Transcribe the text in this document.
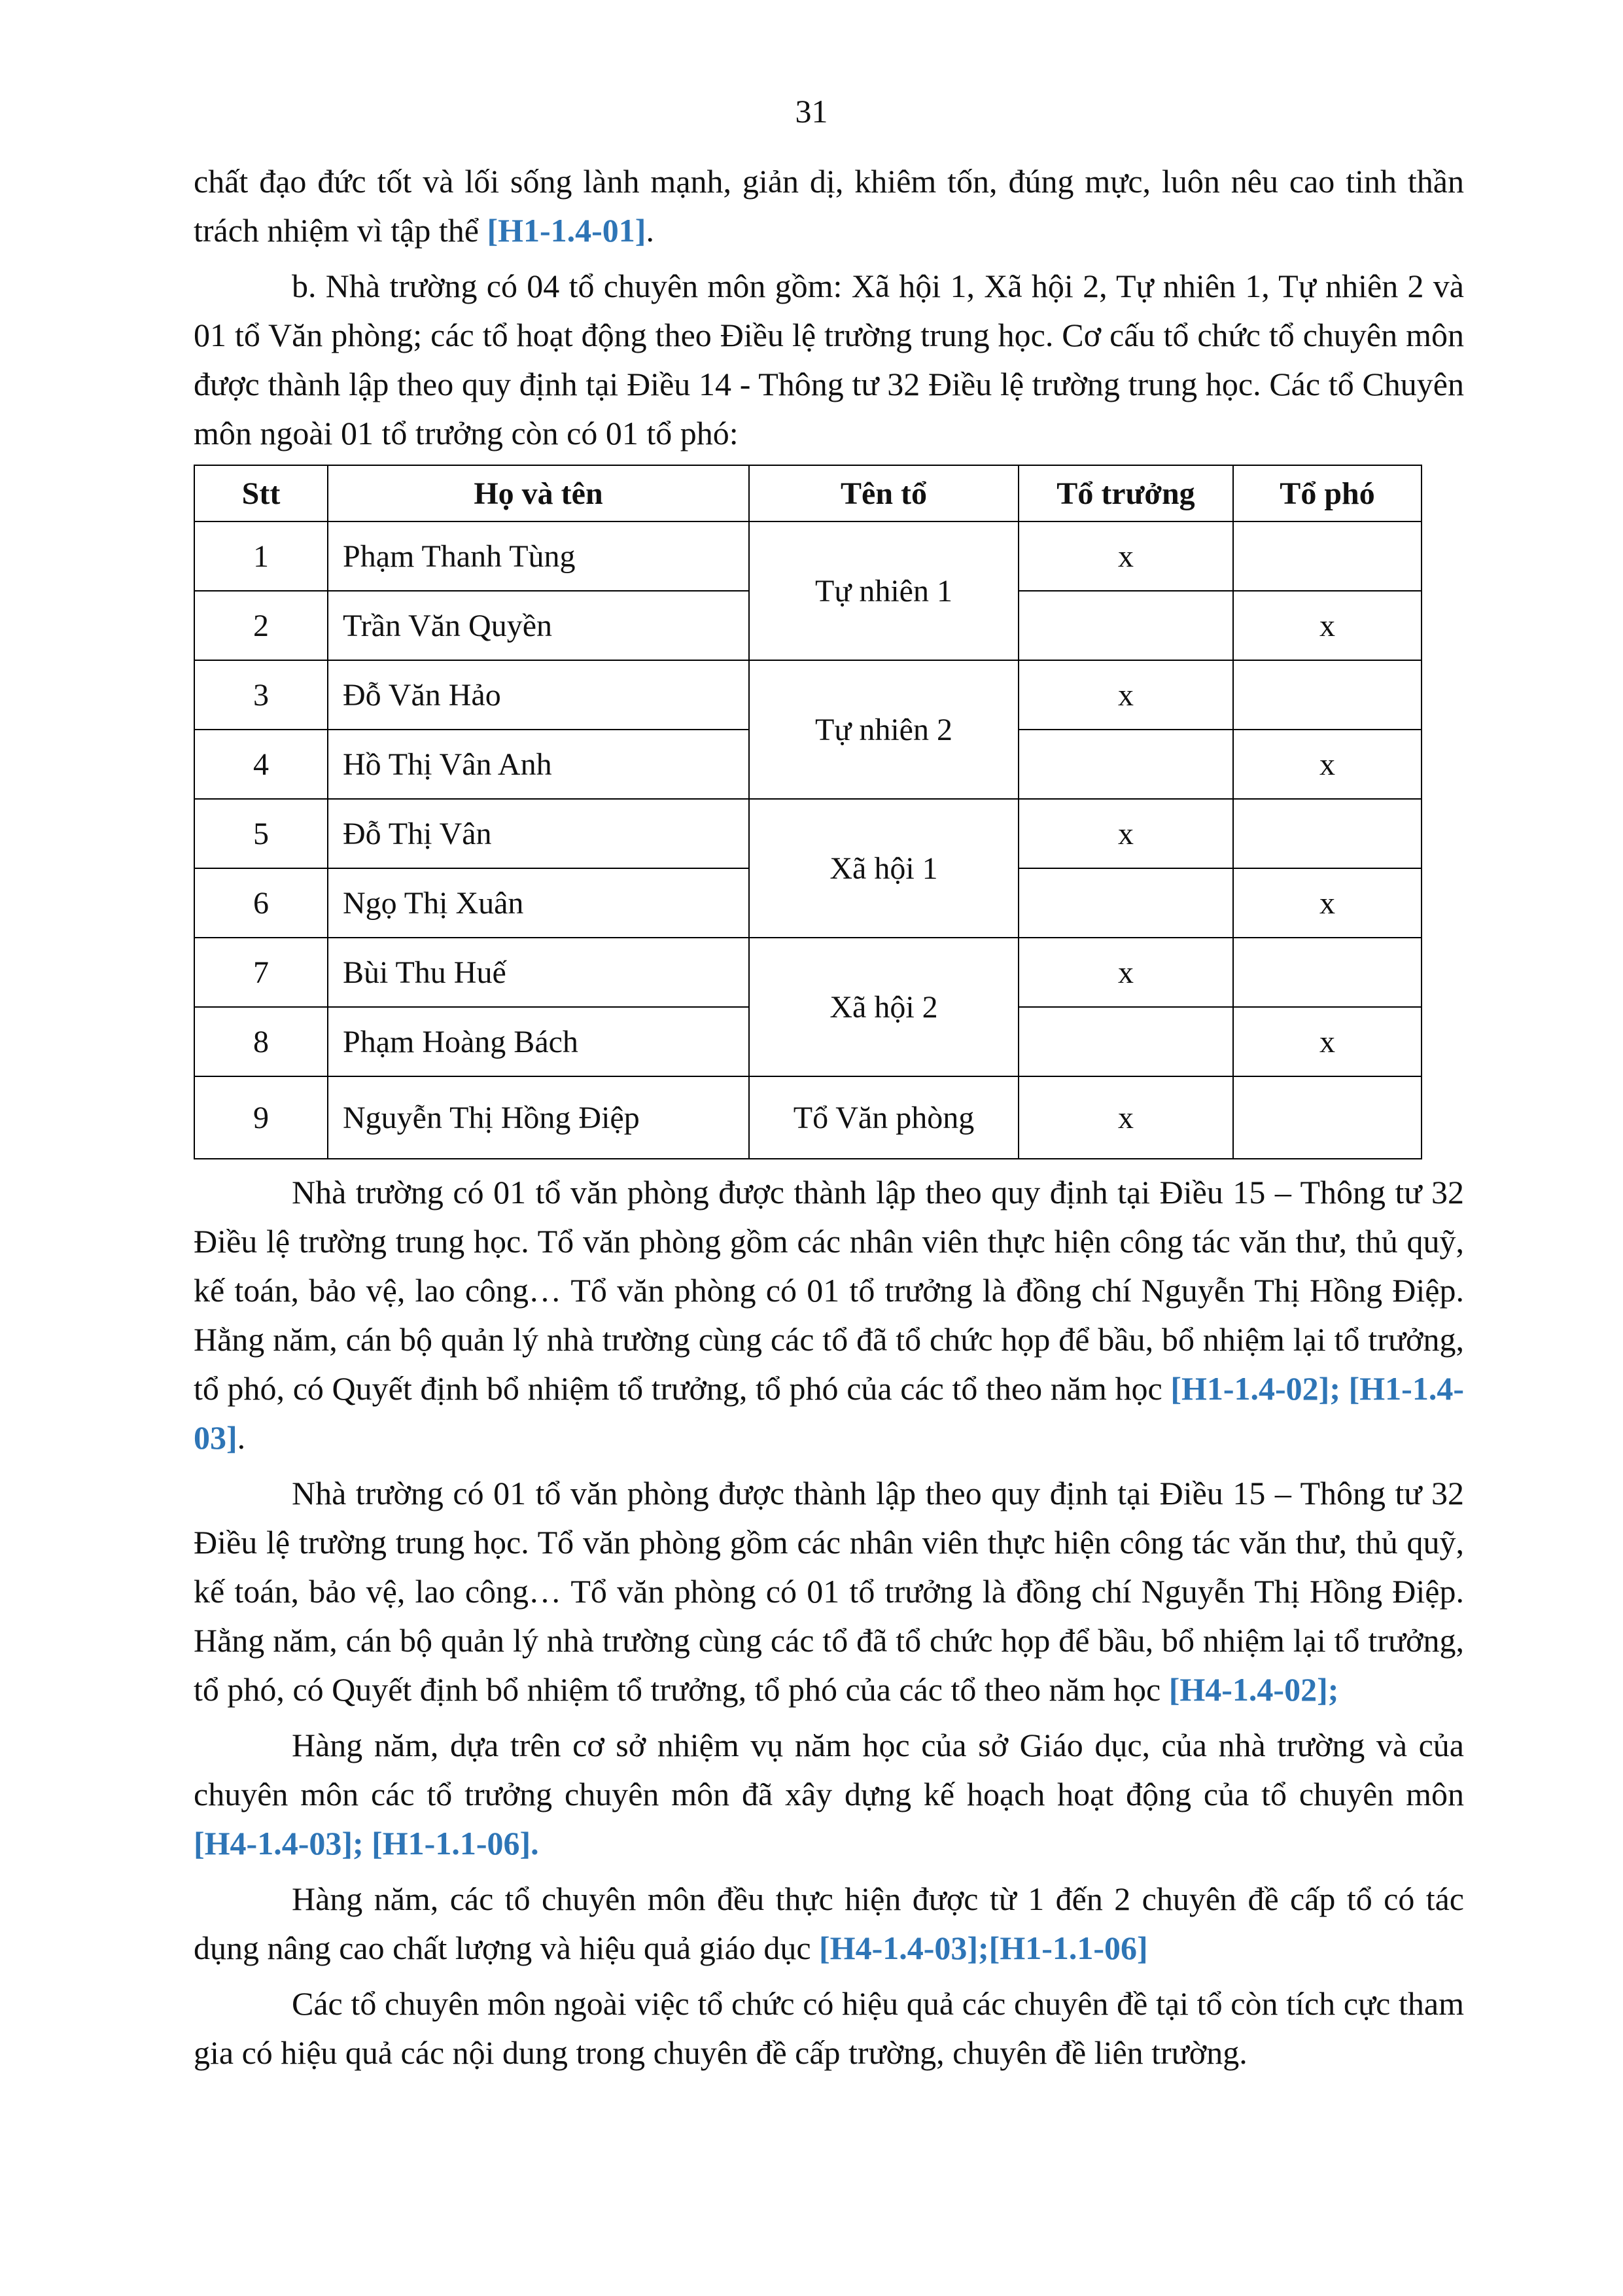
31

chất đạo đức tốt và lối sống lành mạnh, giản dị, khiêm tốn, đúng mực, luôn nêu cao tinh thần trách nhiệm vì tập thể [H1-1.4-01].

b. Nhà trường có 04 tổ chuyên môn gồm: Xã hội 1, Xã hội 2, Tự nhiên 1, Tự nhiên 2 và 01 tổ Văn phòng; các tổ hoạt động theo Điều lệ trường trung học. Cơ cấu tổ chức tổ chuyên môn được thành lập theo quy định tại Điều 14 - Thông tư 32 Điều lệ trường trung học. Các tổ Chuyên môn ngoài 01 tổ trưởng còn có 01 tổ phó:

Stt	Họ và tên	Tên tổ	Tổ trưởng	Tổ phó
1	Phạm Thanh Tùng	Tự nhiên 1	x	
2	Trần Văn Quyền			x
3	Đỗ Văn Hảo	Tự nhiên 2	x	
4	Hồ Thị Vân Anh			x
5	Đỗ Thị Vân	Xã hội 1	x	
6	Ngọ Thị Xuân			x
7	Bùi Thu Huế	Xã hội 2	x	
8	Phạm Hoàng Bách			x
9	Nguyễn Thị Hồng Điệp	Tổ Văn phòng	x	

Nhà trường có 01 tổ văn phòng được thành lập theo quy định tại Điều 15 – Thông tư 32 Điều lệ trường trung học. Tổ văn phòng gồm các nhân viên thực hiện công tác văn thư, thủ quỹ, kế toán, bảo vệ, lao công… Tổ văn phòng có 01 tổ trưởng là đồng chí Nguyễn Thị Hồng Điệp. Hằng năm, cán bộ quản lý nhà trường cùng các tổ đã tổ chức họp để bầu, bổ nhiệm lại tổ trưởng, tổ phó, có Quyết định bổ nhiệm tổ trưởng, tổ phó của các tổ theo năm học [H1-1.4-02]; [H1-1.4-03].

Nhà trường có 01 tổ văn phòng được thành lập theo quy định tại Điều 15 – Thông tư 32 Điều lệ trường trung học. Tổ văn phòng gồm các nhân viên thực hiện công tác văn thư, thủ quỹ, kế toán, bảo vệ, lao công… Tổ văn phòng có 01 tổ trưởng là đồng chí Nguyễn Thị Hồng Điệp. Hằng năm, cán bộ quản lý nhà trường cùng các tổ đã tổ chức họp để bầu, bổ nhiệm lại tổ trưởng, tổ phó, có Quyết định bổ nhiệm tổ trưởng, tổ phó của các tổ theo năm học [H4-1.4-02];

Hàng năm, dựa trên cơ sở nhiệm vụ năm học của sở Giáo dục, của nhà trường và của chuyên môn các tổ trưởng chuyên môn đã xây dựng kế hoạch hoạt động của tổ chuyên môn [H4-1.4-03]; [H1-1.1-06].

Hàng năm, các tổ chuyên môn đều thực hiện được từ 1 đến 2 chuyên đề cấp tổ có tác dụng nâng cao chất lượng và hiệu quả giáo dục [H4-1.4-03];[H1-1.1-06]

Các tổ chuyên môn ngoài việc tổ chức có hiệu quả các chuyên đề tại tổ còn tích cực tham gia có hiệu quả các nội dung trong chuyên đề cấp trường, chuyên đề liên trường.
